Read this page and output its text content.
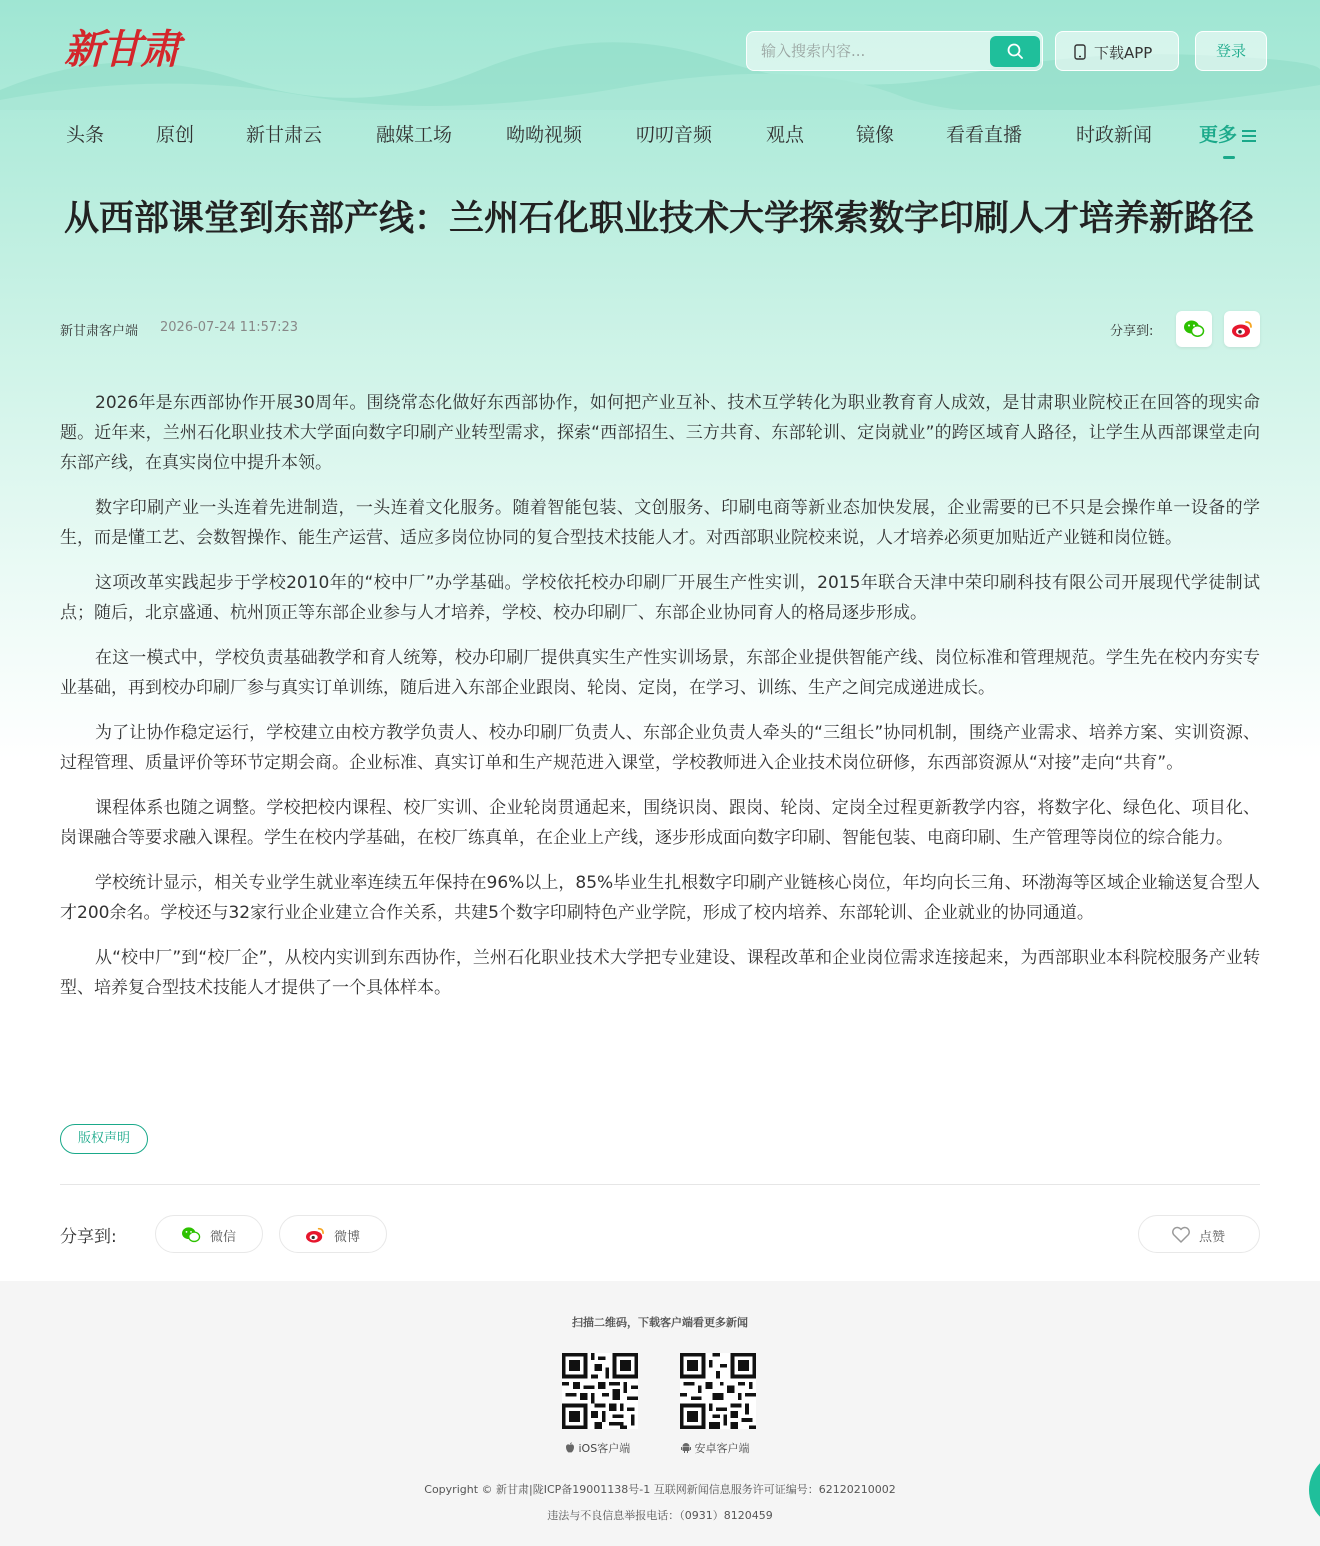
新甘肃
输入搜索内容...	下载APP	登录
头条	原创	新甘肃云	融媒工场	呦呦视频	叨叨音频	观点	镜像	看看直播	时政新闻 更多
从西部课堂到东部产线：兰州石化职业技术大学探索数字印刷人才培养新路径
新甘肃客户端 2026-07-24 11:57:23	分享到:

2026年是东西部协作开展30周年。围绕常态化做好东西部协作，如何把产业互补、技术互学转化为职业教育育人成效，是甘肃职业院校正在回答的现实命题。近年来，兰州石化职业技术大学面向数字印刷产业转型需求，探索“西部招生、三方共育、东部轮训、定岗就业”的跨区域育人路径，让学生从西部课堂走向东部产线，在真实岗位中提升本领。

数字印刷产业一头连着先进制造，一头连着文化服务。随着智能包装、文创服务、印刷电商等新业态加快发展，企业需要的已不只是会操作单一设备的学生，而是懂工艺、会数智操作、能生产运营、适应多岗位协同的复合型技术技能人才。对西部职业院校来说，人才培养必须更加贴近产业链和岗位链。

这项改革实践起步于学校2010年的“校中厂”办学基础。学校依托校办印刷厂开展生产性实训，2015年联合天津中荣印刷科技有限公司开展现代学徒制试点；随后，北京盛通、杭州顶正等东部企业参与人才培养，学校、校办印刷厂、东部企业协同育人的格局逐步形成。

在这一模式中，学校负责基础教学和育人统筹，校办印刷厂提供真实生产性实训场景，东部企业提供智能产线、岗位标准和管理规范。学生先在校内夯实专业基础，再到校办印刷厂参与真实订单训练，随后进入东部企业跟岗、轮岗、定岗，在学习、训练、生产之间完成递进成长。

为了让协作稳定运行，学校建立由校方教学负责人、校办印刷厂负责人、东部企业负责人牵头的“三组长”协同机制，围绕产业需求、培养方案、实训资源、过程管理、质量评价等环节定期会商。企业标准、真实订单和生产规范进入课堂，学校教师进入企业技术岗位研修，东西部资源从“对接”走向“共育”。

课程体系也随之调整。学校把校内课程、校厂实训、企业轮岗贯通起来，围绕识岗、跟岗、轮岗、定岗全过程更新教学内容，将数字化、绿色化、项目化、岗课融合等要求融入课程。学生在校内学基础，在校厂练真单，在企业上产线，逐步形成面向数字印刷、智能包装、电商印刷、生产管理等岗位的综合能力。

学校统计显示，相关专业学生就业率连续五年保持在96%以上，85%毕业生扎根数字印刷产业链核心岗位，年均向长三角、环渤海等区域企业输送复合型人才200余名。学校还与32家行业企业建立合作关系，共建5个数字印刷特色产业学院，形成了校内培养、东部轮训、企业就业的协同通道。

从“校中厂”到“校厂企”，从校内实训到东西协作，兰州石化职业技术大学把专业建设、课程改革和企业岗位需求连接起来，为西部职业本科院校服务产业转型、培养复合型技术技能人才提供了一个具体样本。

版权声明
分享到:	微信	微博	点赞
扫描二维码，下载客户端看更多新闻
iOS客户端	安卓客户端
Copyright © 新甘肃|陇ICP备19001138号-1 互联网新闻信息服务许可证编号：62120210002
违法与不良信息举报电话：（0931）8120459
